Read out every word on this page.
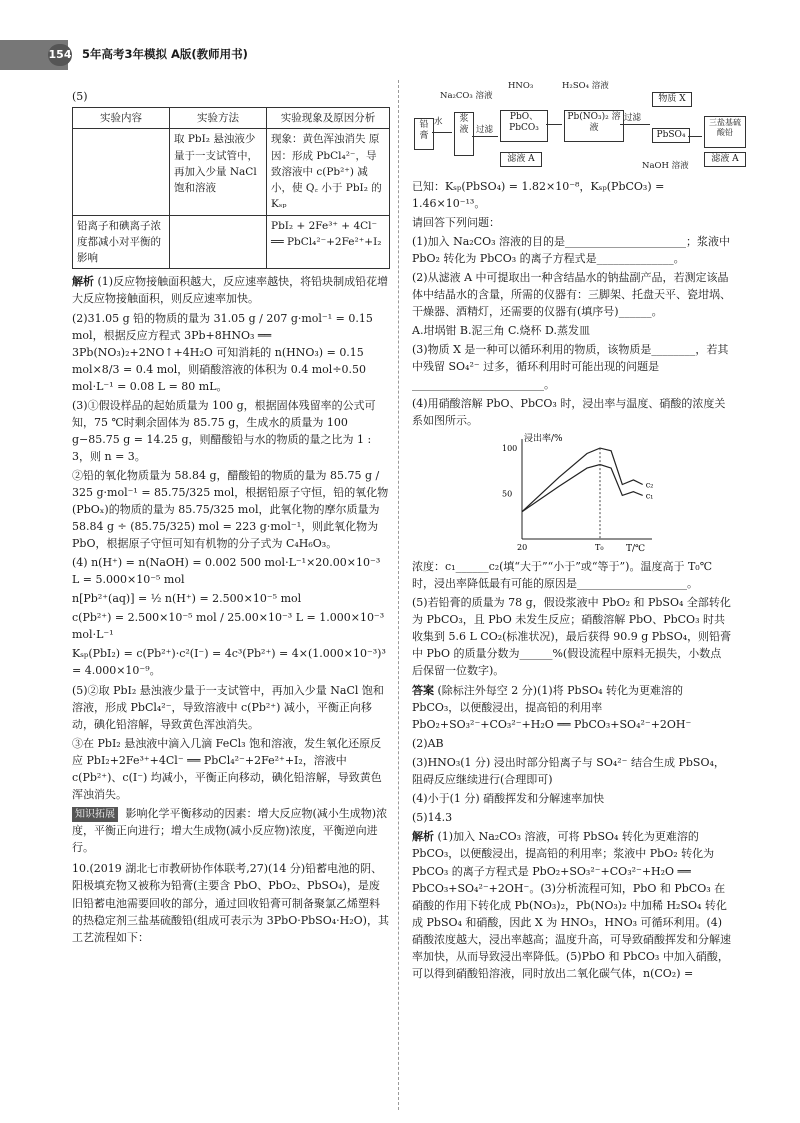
154 5年高考3年模拟 A版(教师用书)

(5)

实验内容	实验方法	实验现象及原因分析
	取 PbI₂ 悬浊液少量于一支试管中，再加入少量 NaCl 饱和溶液	现象：黄色浑浊消失 原因：形成 PbCl₄²⁻，导致溶液中 c(Pb²⁺) 减小，使 Q꜀ 小于 PbI₂ 的 Kₛₚ
铅离子和碘离子浓度都减小对平衡的影响		PbI₂ + 2Fe³⁺ + 4Cl⁻ ══ PbCl₄²⁻+2Fe²⁺+I₂

解析 (1)反应物接触面积越大，反应速率越快，将铅块制成铅花增大反应物接触面积，则反应速率加快。

(2)31.05 g 铅的物质的量为 31.05 g / 207 g·mol⁻¹ = 0.15 mol，根据反应方程式 3Pb+8HNO₃ ══ 3Pb(NO₃)₂+2NO↑+4H₂O 可知消耗的 n(HNO₃) = 0.15 mol×8/3 = 0.4 mol，则硝酸溶液的体积为 0.4 mol÷0.50 mol·L⁻¹ = 0.08 L = 80 mL。

(3)①假设样品的起始质量为 100 g，根据固体残留率的公式可知，75 ℃时剩余固体为 85.75 g，生成水的质量为 100 g−85.75 g = 14.25 g，则醋酸铅与水的物质的量之比为 1 : 3，则 n = 3。

②铅的氧化物质量为 58.84 g，醋酸铅的物质的量为 85.75 g / 325 g·mol⁻¹ = 85.75/325 mol，根据铅原子守恒，铅的氧化物(PbOₓ)的物质的量为 85.75/325 mol，此氧化物的摩尔质量为 58.84 g ÷ (85.75/325) mol = 223 g·mol⁻¹，则此氧化物为 PbO，根据原子守恒可知有机物的分子式为 C₄H₆O₃。

(4) n(H⁺) = n(NaOH) = 0.002 500 mol·L⁻¹×20.00×10⁻³ L = 5.000×10⁻⁵ mol

n[Pb²⁺(aq)] = ½ n(H⁺) = 2.500×10⁻⁵ mol

c(Pb²⁺) = 2.500×10⁻⁵ mol / 25.00×10⁻³ L = 1.000×10⁻³ mol·L⁻¹

Kₛₚ(PbI₂) = c(Pb²⁺)·c²(I⁻) = 4c³(Pb²⁺) = 4×(1.000×10⁻³)³ = 4.000×10⁻⁹。

(5)②取 PbI₂ 悬浊液少量于一支试管中，再加入少量 NaCl 饱和溶液，形成 PbCl₄²⁻，导致溶液中 c(Pb²⁺) 减小，平衡正向移动，碘化铅溶解，导致黄色浑浊消失。

③在 PbI₂ 悬浊液中滴入几滴 FeCl₃ 饱和溶液，发生氧化还原反应 PbI₂+2Fe³⁺+4Cl⁻ ══ PbCl₄²⁻+2Fe²⁺+I₂，溶液中 c(Pb²⁺)、c(I⁻) 均减小，平衡正向移动，碘化铅溶解，导致黄色浑浊消失。

知识拓展 影响化学平衡移动的因素：增大反应物(减小生成物)浓度，平衡正向进行；增大生成物(减小反应物)浓度，平衡逆向进行。

10.(2019 湖北七市教研协作体联考,27)(14 分)铅蓄电池的阴、阳极填充物又被称为铅膏(主要含 PbO、PbO₂、PbSO₄)，是废旧铅蓄电池需要回收的部分，通过回收铅膏可制备聚氯乙烯塑料的热稳定剂三盐基硫酸铅(组成可表示为 3PbO·PbSO₄·H₂O)，其工艺流程如下：

Na₂CO₃ 溶液
HNO₃	H₂SO₄ 溶液
铅膏
水	浆液 过滤
PbO、PbCO₃
Pb(NO₃)₂ 溶液
过滤
物质 X
PbSO₄
三盐基硫酸铅
滤液 A
NaOH 溶液
滤液 A

已知：Kₛₚ(PbSO₄) = 1.82×10⁻⁸，Kₛₚ(PbCO₃) = 1.46×10⁻¹³。

请回答下列问题：

(1)加入 Na₂CO₃ 溶液的目的是______________________；浆液中 PbO₂ 转化为 PbCO₃ 的离子方程式是______________。

(2)从滤液 A 中可提取出一种含结晶水的钠盐副产品，若测定该晶体中结晶水的含量，所需的仪器有：三脚架、托盘天平、瓷坩埚、干燥器、酒精灯，还需要的仪器有(填序号)______。

A.坩埚钳 B.泥三角 C.烧杯 D.蒸发皿

(3)物质 X 是一种可以循环利用的物质，该物质是________，若其中残留 SO₄²⁻ 过多，循环利用时可能出现的问题是________________________。

(4)用硝酸溶解 PbO、PbCO₃ 时，浸出率与温度、硝酸的浓度关系如图所示。

浸出率/%
T/℃
c₂
c₁
20	T₀
100
50

浓度：c₁______c₂(填“大于”“小于”或“等于”)。温度高于 T₀℃ 时，浸出率降低最有可能的原因是____________________。

(5)若铅膏的质量为 78 g，假设浆液中 PbO₂ 和 PbSO₄ 全部转化为 PbCO₃，且 PbO 未发生反应；硝酸溶解 PbO、PbCO₃ 时共收集到 5.6 L CO₂(标准状况)，最后获得 90.9 g PbSO₄，则铅膏中 PbO 的质量分数为______%(假设流程中原料无损失，小数点后保留一位数字)。

答案 (除标注外每空 2 分)(1)将 PbSO₄ 转化为更难溶的 PbCO₃，以便酸浸出，提高铅的利用率 PbO₂+SO₃²⁻+CO₃²⁻+H₂O ══ PbCO₃+SO₄²⁻+2OH⁻

(2)AB

(3)HNO₃(1 分) 浸出时部分铅离子与 SO₄²⁻ 结合生成 PbSO₄，阻碍反应继续进行(合理即可)

(4)小于(1 分) 硝酸挥发和分解速率加快

(5)14.3

解析 (1)加入 Na₂CO₃ 溶液，可将 PbSO₄ 转化为更难溶的 PbCO₃，以便酸浸出，提高铅的利用率；浆液中 PbO₂ 转化为 PbCO₃ 的离子方程式是 PbO₂+SO₃²⁻+CO₃²⁻+H₂O ══ PbCO₃+SO₄²⁻+2OH⁻。(3)分析流程可知，PbO 和 PbCO₃ 在硝酸的作用下转化成 Pb(NO₃)₂，Pb(NO₃)₂ 中加稀 H₂SO₄ 转化成 PbSO₄ 和硝酸，因此 X 为 HNO₃，HNO₃ 可循环利用。(4)硝酸浓度越大，浸出率越高；温度升高，可导致硝酸挥发和分解速率加快，从而导致浸出率降低。(5)PbO 和 PbCO₃ 中加入硝酸，可以得到硝酸铅溶液，同时放出二氧化碳气体，n(CO₂) =
